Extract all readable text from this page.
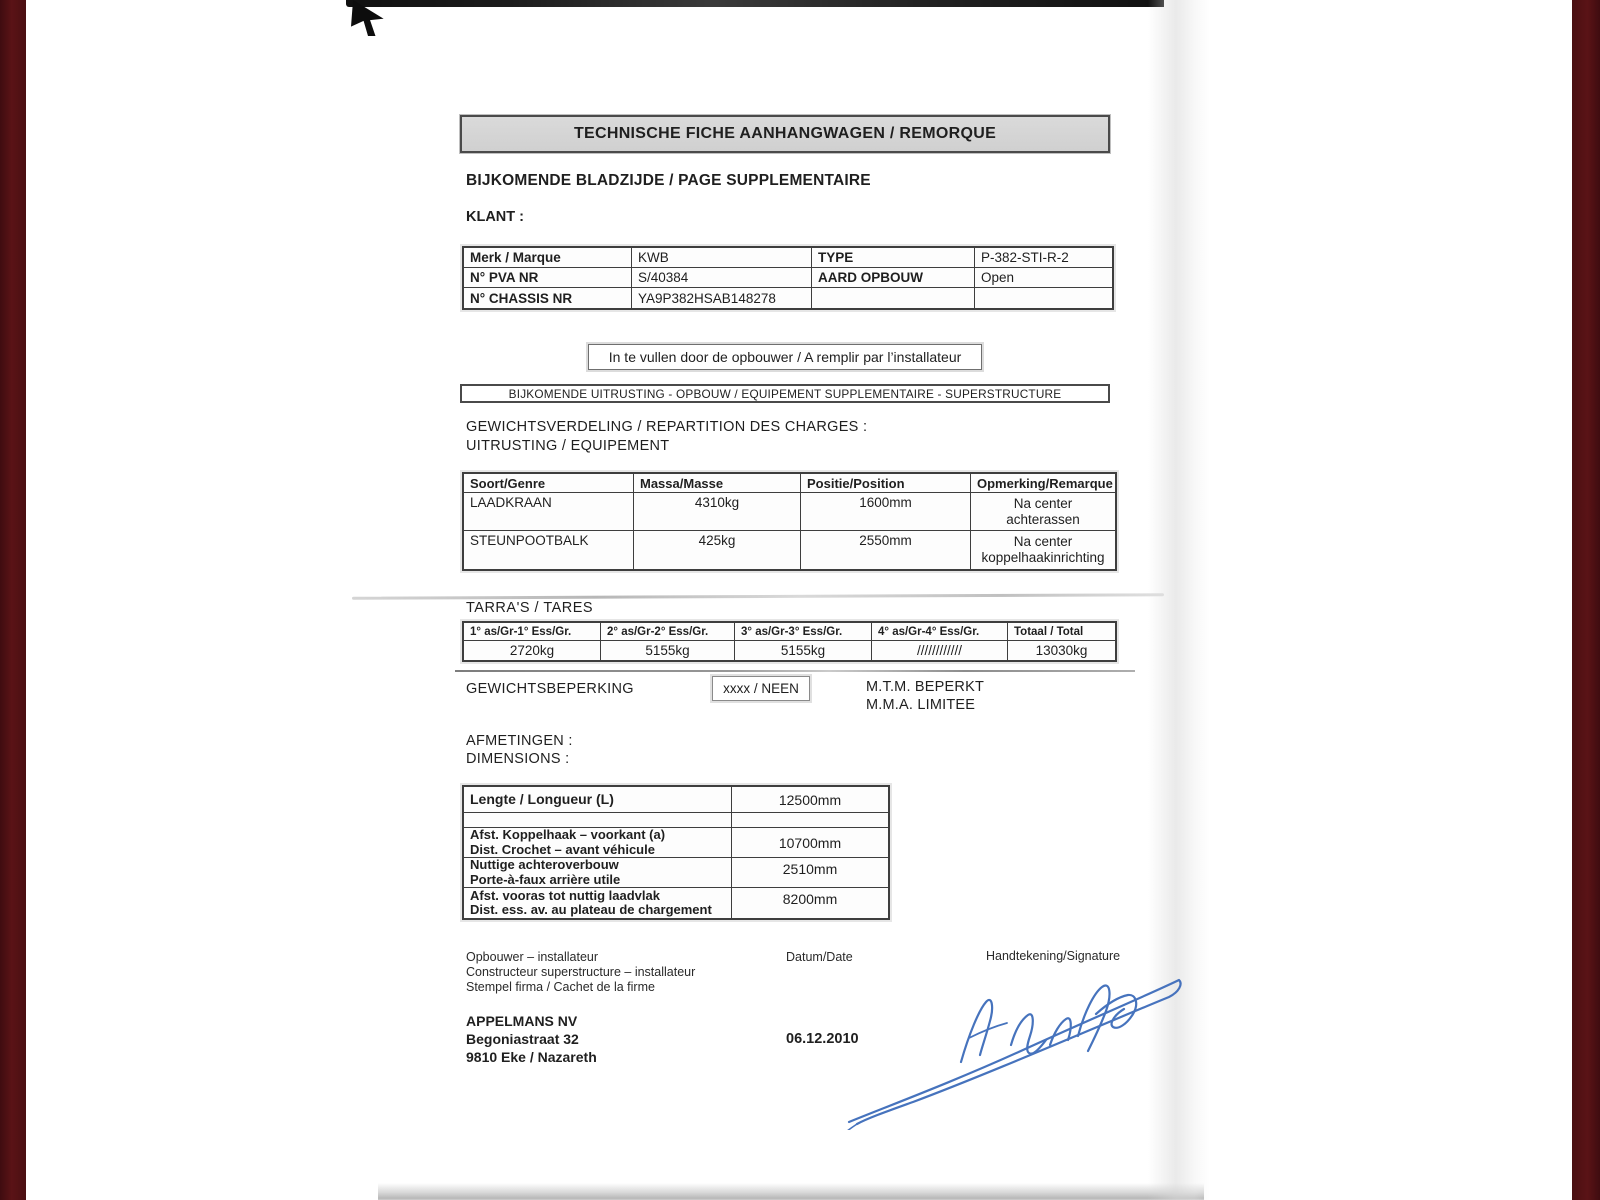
TECHNISCHE FICHE AANHANGWAGEN / REMORQUE
BIJKOMENDE BLADZIJDE / PAGE SUPPLEMENTAIRE
KLANT :
Merk / Marque	KWB	TYPE	P-382-STI-R-2
N° PVA NR	S/40384	AARD OPBOUW	Open
N° CHASSIS NR	YA9P382HSAB148278
In te vullen door de opbouwer / A remplir par l’installateur
BIJKOMENDE UITRUSTING - OPBOUW / EQUIPEMENT SUPPLEMENTAIRE - SUPERSTRUCTURE
GEWICHTSVERDELING / REPARTITION DES CHARGES :
UITRUSTING / EQUIPEMENT
Soort/Genre	Massa/Masse	Positie/Position	Opmerking/Remarque
LAADKRAAN	4310kg	1600mm	Na center
achterassen
STEUNPOOTBALK	425kg	2550mm	Na center
koppelhaakinrichting
TARRA'S / TARES
1° as/Gr-1° Ess/Gr.	2° as/Gr-2° Ess/Gr.	3° as/Gr-3° Ess/Gr.	4° as/Gr-4° Ess/Gr.	Totaal / Total
2720kg	5155kg	5155kg	////////////	13030kg
GEWICHTSBEPERKING	xxxx / NEEN	M.T.M. BEPERKT
M.M.A. LIMITEE
AFMETINGEN :
DIMENSIONS :
Lengte / Longueur (L)	12500mm
Afst. Koppelhaak – voorkant (a)
Dist. Crochet – avant véhicule	10700mm
Nuttige achteroverbouw
Porte-à-faux arrière utile
2510mm
Afst. vooras tot nuttig laadvlak
Dist. ess. av. au plateau de chargement
8200mm
Opbouwer – installateur
Constructeur superstructure – installateur
Stempel firma / Cachet de la firme
Datum/Date	Handtekening/Signature
APPELMANS NV
Begoniastraat 32
9810 Eke / Nazareth
06.12.2010
